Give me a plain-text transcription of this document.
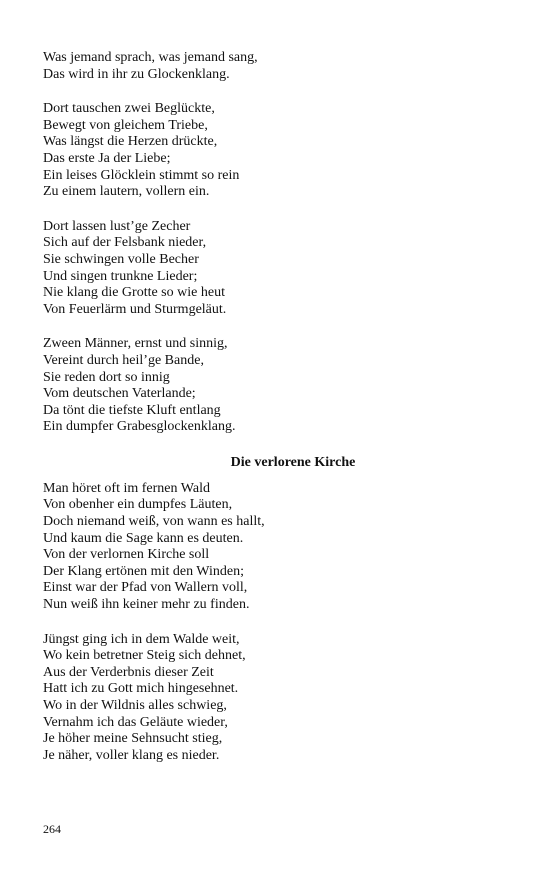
Was jemand sprach, was jemand sang,
Das wird in ihr zu Glockenklang.
Dort tauschen zwei Beglückte,
Bewegt von gleichem Triebe,
Was längst die Herzen drückte,
Das erste Ja der Liebe;
Ein leises Glöcklein stimmt so rein
Zu einem lautern, vollern ein.
Dort lassen lust’ge Zecher
Sich auf der Felsbank nieder,
Sie schwingen volle Becher
Und singen trunkne Lieder;
Nie klang die Grotte so wie heut
Von Feuerlärm und Sturmgeläut.
Zween Männer, ernst und sinnig,
Vereint durch heil’ge Bande,
Sie reden dort so innig
Vom deutschen Vaterlande;
Da tönt die tiefste Kluft entlang
Ein dumpfer Grabesglockenklang.
Die verlorene Kirche
Man höret oft im fernen Wald
Von obenher ein dumpfes Läuten,
Doch niemand weiß, von wann es hallt,
Und kaum die Sage kann es deuten.
Von der verlornen Kirche soll
Der Klang ertönen mit den Winden;
Einst war der Pfad von Wallern voll,
Nun weiß ihn keiner mehr zu finden.
Jüngst ging ich in dem Walde weit,
Wo kein betretner Steig sich dehnet,
Aus der Verderbnis dieser Zeit
Hatt ich zu Gott mich hingesehnet.
Wo in der Wildnis alles schwieg,
Vernahm ich das Geläute wieder,
Je höher meine Sehnsucht stieg,
Je näher, voller klang es nieder.
264
